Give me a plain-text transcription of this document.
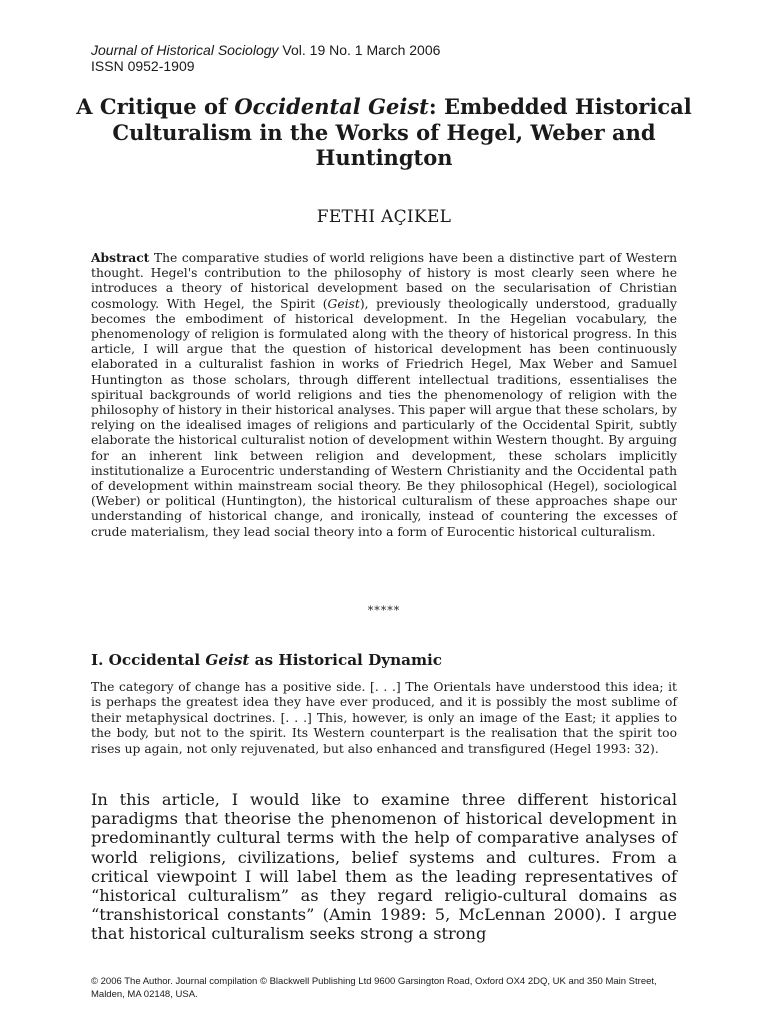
Journal of Historical Sociology Vol. 19 No. 1 March 2006
ISSN 0952-1909
A Critique of Occidental Geist: Embedded Historical Culturalism in the Works of Hegel, Weber and Huntington
FETHI AÇIKEL

Abstract The comparative studies of world religions have been a distinctive part of Western thought. Hegel's contribution to the philosophy of history is most clearly seen where he introduces a theory of historical development based on the secularisation of Christian cosmology. With Hegel, the Spirit (Geist), previously theologically understood, gradually becomes the embodiment of historical development. In the Hegelian vocabulary, the phenomenology of religion is formulated along with the theory of historical progress. In this article, I will argue that the question of historical development has been continuously elaborated in a culturalist fashion in works of Friedrich Hegel, Max Weber and Samuel Huntington as those scholars, through different intellectual traditions, essentialises the spiritual backgrounds of world religions and ties the phenomenology of religion with the philosophy of history in their historical analyses. This paper will argue that these scholars, by relying on the idealised images of religions and particularly of the Occidental Spirit, subtly elaborate the historical culturalist notion of development within Western thought. By arguing for an inherent link between religion and development, these scholars implicitly institutionalize a Eurocentric understanding of Western Christianity and the Occidental path of development within mainstream social theory. Be they philosophical (Hegel), sociological (Weber) or political (Huntington), the historical culturalism of these approaches shape our understanding of historical change, and ironically, instead of countering the excesses of crude materialism, they lead social theory into a form of Eurocentic historical culturalism.

*****
I. Occidental Geist as Historical Dynamic

The category of change has a positive side. [. . .] The Orientals have understood this idea; it is perhaps the greatest idea they have ever produced, and it is possibly the most sublime of their metaphysical doctrines. [. . .] This, however, is only an image of the East; it applies to the body, but not to the spirit. Its Western counterpart is the realisation that the spirit too rises up again, not only rejuvenated, but also enhanced and transfigured (Hegel 1993: 32).

In this article, I would like to examine three different historical paradigms that theorise the phenomenon of historical development in predominantly cultural terms with the help of comparative analyses of world religions, civilizations, belief systems and cultures. From a critical viewpoint I will label them as the leading representatives of “historical culturalism” as they regard religio-cultural domains as “transhistorical constants” (Amin 1989: 5, McLennan 2000). I argue that historical culturalism seeks strong a strong

© 2006 The Author. Journal compilation © Blackwell Publishing Ltd 9600 Garsington Road, Oxford OX4 2DQ, UK and 350 Main Street, Malden, MA 02148, USA.
